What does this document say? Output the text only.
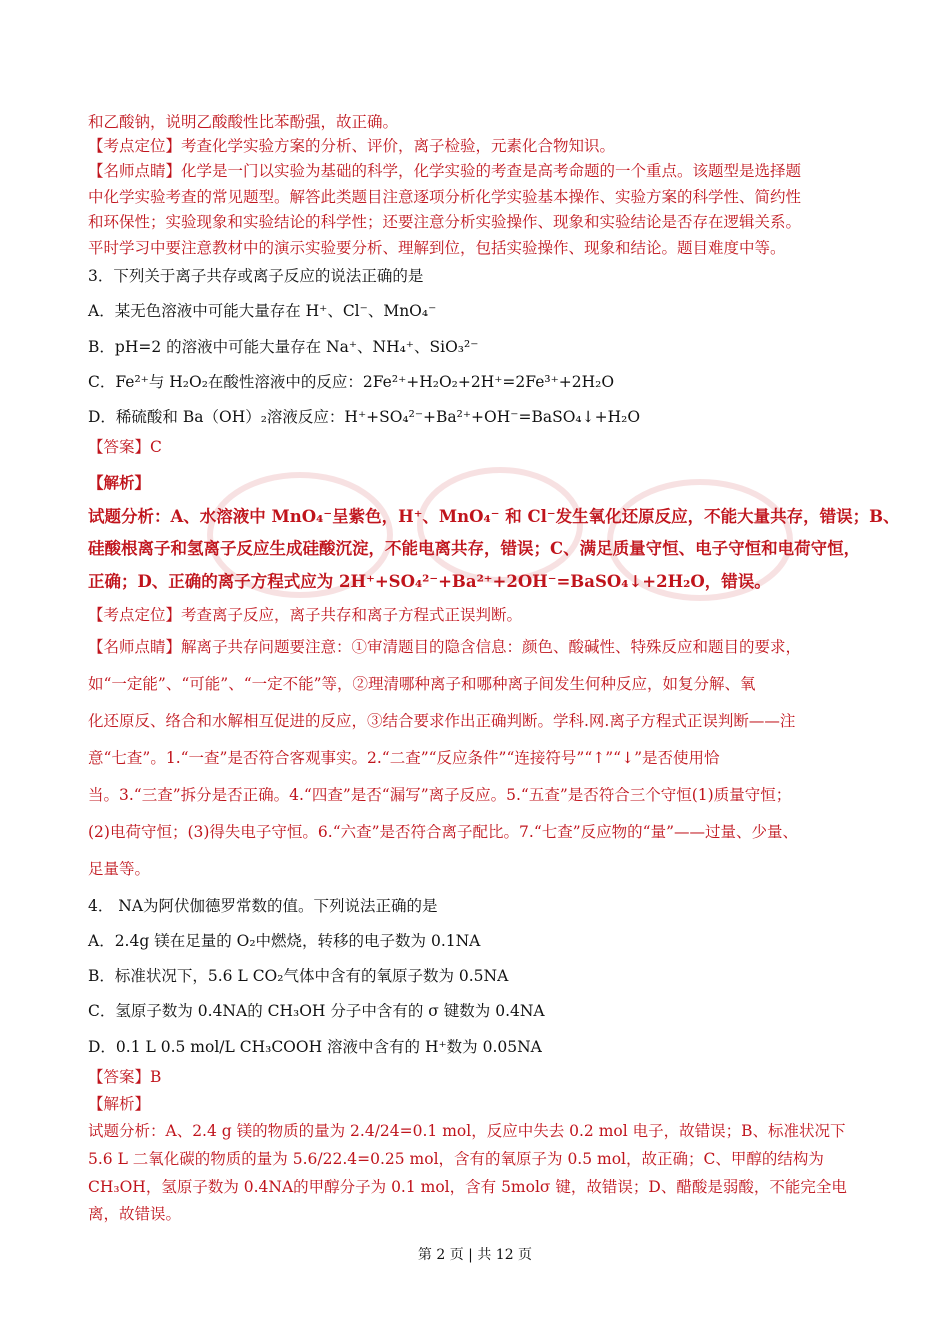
和乙酸钠，说明乙酸酸性比苯酚强，故正确。
【考点定位】考查化学实验方案的分析、评价，离子检验，元素化合物知识。
【名师点睛】化学是一门以实验为基础的科学，化学实验的考查是高考命题的一个重点。该题型是选择题
中化学实验考查的常见题型。解答此类题目注意逐项分析化学实验基本操作、实验方案的科学性、简约性
和环保性；实验现象和实验结论的科学性；还要注意分析实验操作、现象和实验结论是否存在逻辑关系。
平时学习中要注意教材中的演示实验要分析、理解到位，包括实验操作、现象和结论。题目难度中等。
3．下列关于离子共存或离子反应的说法正确的是
A．某无色溶液中可能大量存在 H⁺、Cl⁻、MnO₄⁻
B．pH=2 的溶液中可能大量存在 Na⁺、NH₄⁺、SiO₃²⁻
C．Fe²⁺与 H₂O₂在酸性溶液中的反应：2Fe²⁺+H₂O₂+2H⁺=2Fe³⁺+2H₂O
D．稀硫酸和 Ba（OH）₂溶液反应：H⁺+SO₄²⁻+Ba²⁺+OH⁻=BaSO₄↓+H₂O
【答案】C
【解析】
试题分析：A、水溶液中 MnO₄⁻呈紫色，H⁺、MnO₄⁻ 和 Cl⁻发生氧化还原反应，不能大量共存，错误；B、
硅酸根离子和氢离子反应生成硅酸沉淀，不能电离共存，错误；C、满足质量守恒、电子守恒和电荷守恒，
正确；D、正确的离子方程式应为 2H⁺+SO₄²⁻+Ba²⁺+2OH⁻=BaSO₄↓+2H₂O，错误。
【考点定位】考查离子反应，离子共存和离子方程式正误判断。
【名师点睛】解离子共存问题要注意：①审清题目的隐含信息：颜色、酸碱性、特殊反应和题目的要求，
如“一定能”、“可能”、“一定不能”等，②理清哪种离子和哪种离子间发生何种反应，如复分解、氧
化还原反、络合和水解相互促进的反应，③结合要求作出正确判断。学科.网.离子方程式正误判断——注
意“七查”。1.“一查”是否符合客观事实。2.“二查”“反应条件”“连接符号”“↑”“↓”是否使用恰
当。3.“三查”拆分是否正确。4.“四查”是否“漏写”离子反应。5.“五查”是否符合三个守恒(1)质量守恒；
(2)电荷守恒；(3)得失电子守恒。6.“六查”是否符合离子配比。7.“七查”反应物的“量”——过量、少量、
足量等。
4． NA为阿伏伽德罗常数的值。下列说法正确的是
A．2.4g 镁在足量的 O₂中燃烧，转移的电子数为 0.1NA
B．标准状况下，5.6 L CO₂气体中含有的氧原子数为 0.5NA
C．氢原子数为 0.4NA的 CH₃OH 分子中含有的 σ 键数为 0.4NA
D．0.1 L 0.5 mol/L CH₃COOH 溶液中含有的 H⁺数为 0.05NA
【答案】B
【解析】
试题分析：A、2.4 g 镁的物质的量为 2.4/24=0.1 mol，反应中失去 0.2 mol 电子，故错误；B、标准状况下
5.6 L 二氧化碳的物质的量为 5.6/22.4=0.25 mol，含有的氧原子为 0.5 mol，故正确；C、甲醇的结构为
CH₃OH，氢原子数为 0.4NA的甲醇分子为 0.1 mol，含有 5molσ 键，故错误；D、醋酸是弱酸，不能完全电
离，故错误。
第 2 页 | 共 12 页
